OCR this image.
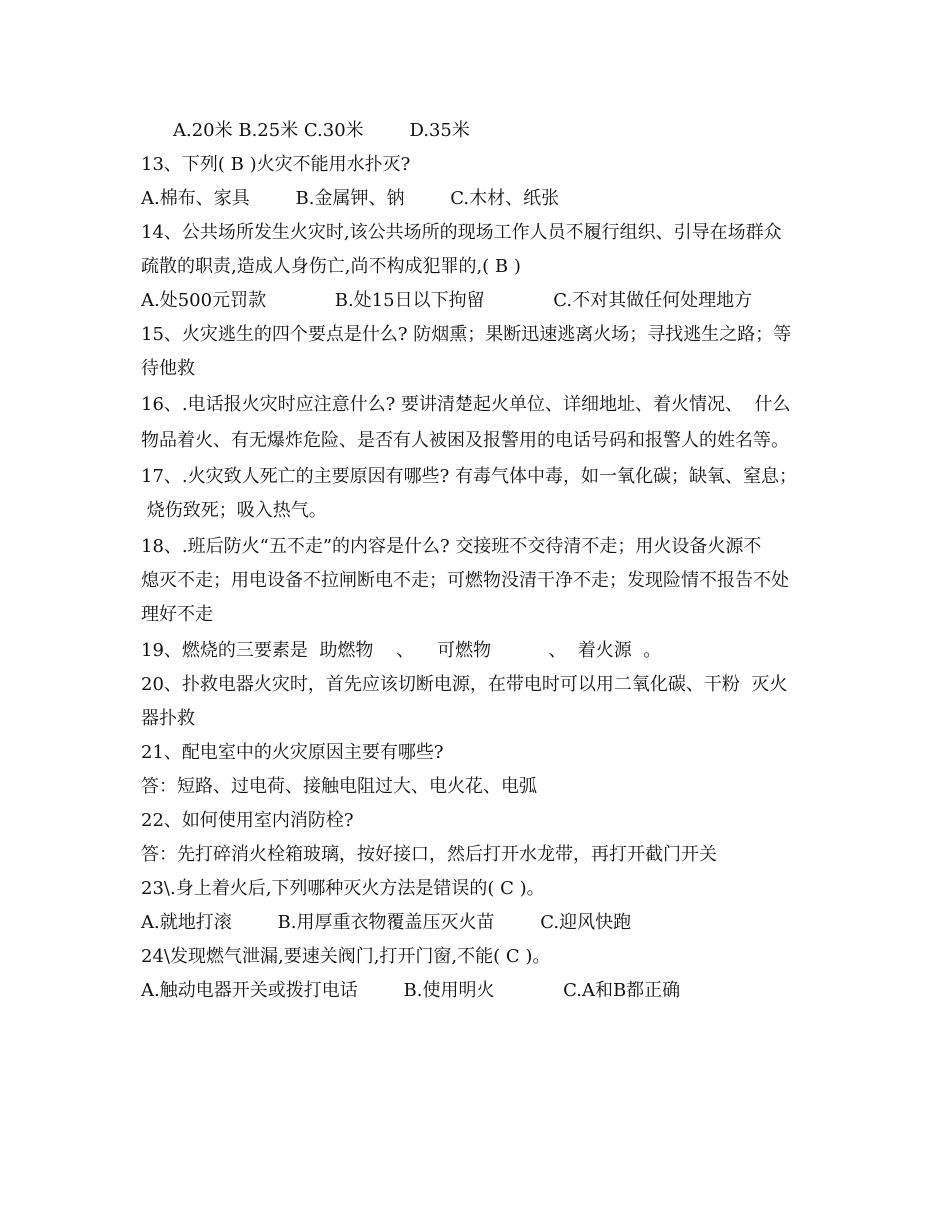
A.20米 B.25米 C.30米        D.35米
13、下列( B )火灾不能用水扑灭?
A.棉布、家具        B.金属钾、钠        C.木材、纸张
14、公共场所发生火灾时,该公共场所的现场工作人员不履行组织、引导在场群众
疏散的职责,造成人身伤亡,尚不构成犯罪的,( B )
A.处500元罚款            B.处15日以下拘留            C.不对其做任何处理地方
15、火灾逃生的四个要点是什么? 防烟熏；果断迅速逃离火场；寻找逃生之路；等
待他救
16、.电话报火灾时应注意什么? 要讲清楚起火单位、详细地址、着火情况、  什么
物品着火、有无爆炸危险、是否有人被困及报警用的电话号码和报警人的姓名等。
17、.火灾致人死亡的主要原因有哪些? 有毒气体中毒，如一氧化碳；缺氧、窒息；
烧伤致死；吸入热气。
18、.班后防火“五不走”的内容是什么? 交接班不交待清不走；用火设备火源不
熄灭不走；用电设备不拉闸断电不走；可燃物没清干净不走；发现险情不报告不处
理好不走
19、燃烧的三要素是  助燃物    、    可燃物          、  着火源  。
20、扑救电器火灾时，首先应该切断电源，在带电时可以用二氧化碳、干粉  灭火
器扑救
21、配电室中的火灾原因主要有哪些?
答：短路、过电荷、接触电阻过大、电火花、电弧
22、如何使用室内消防栓?
答：先打碎消火栓箱玻璃，按好接口，然后打开水龙带，再打开截门开关
23\.身上着火后,下列哪种灭火方法是错误的( C )。
A.就地打滚        B.用厚重衣物覆盖压灭火苗        C.迎风快跑
24\发现燃气泄漏,要速关阀门,打开门窗,不能( C )。
A.触动电器开关或拨打电话        B.使用明火            C.A和B都正确
